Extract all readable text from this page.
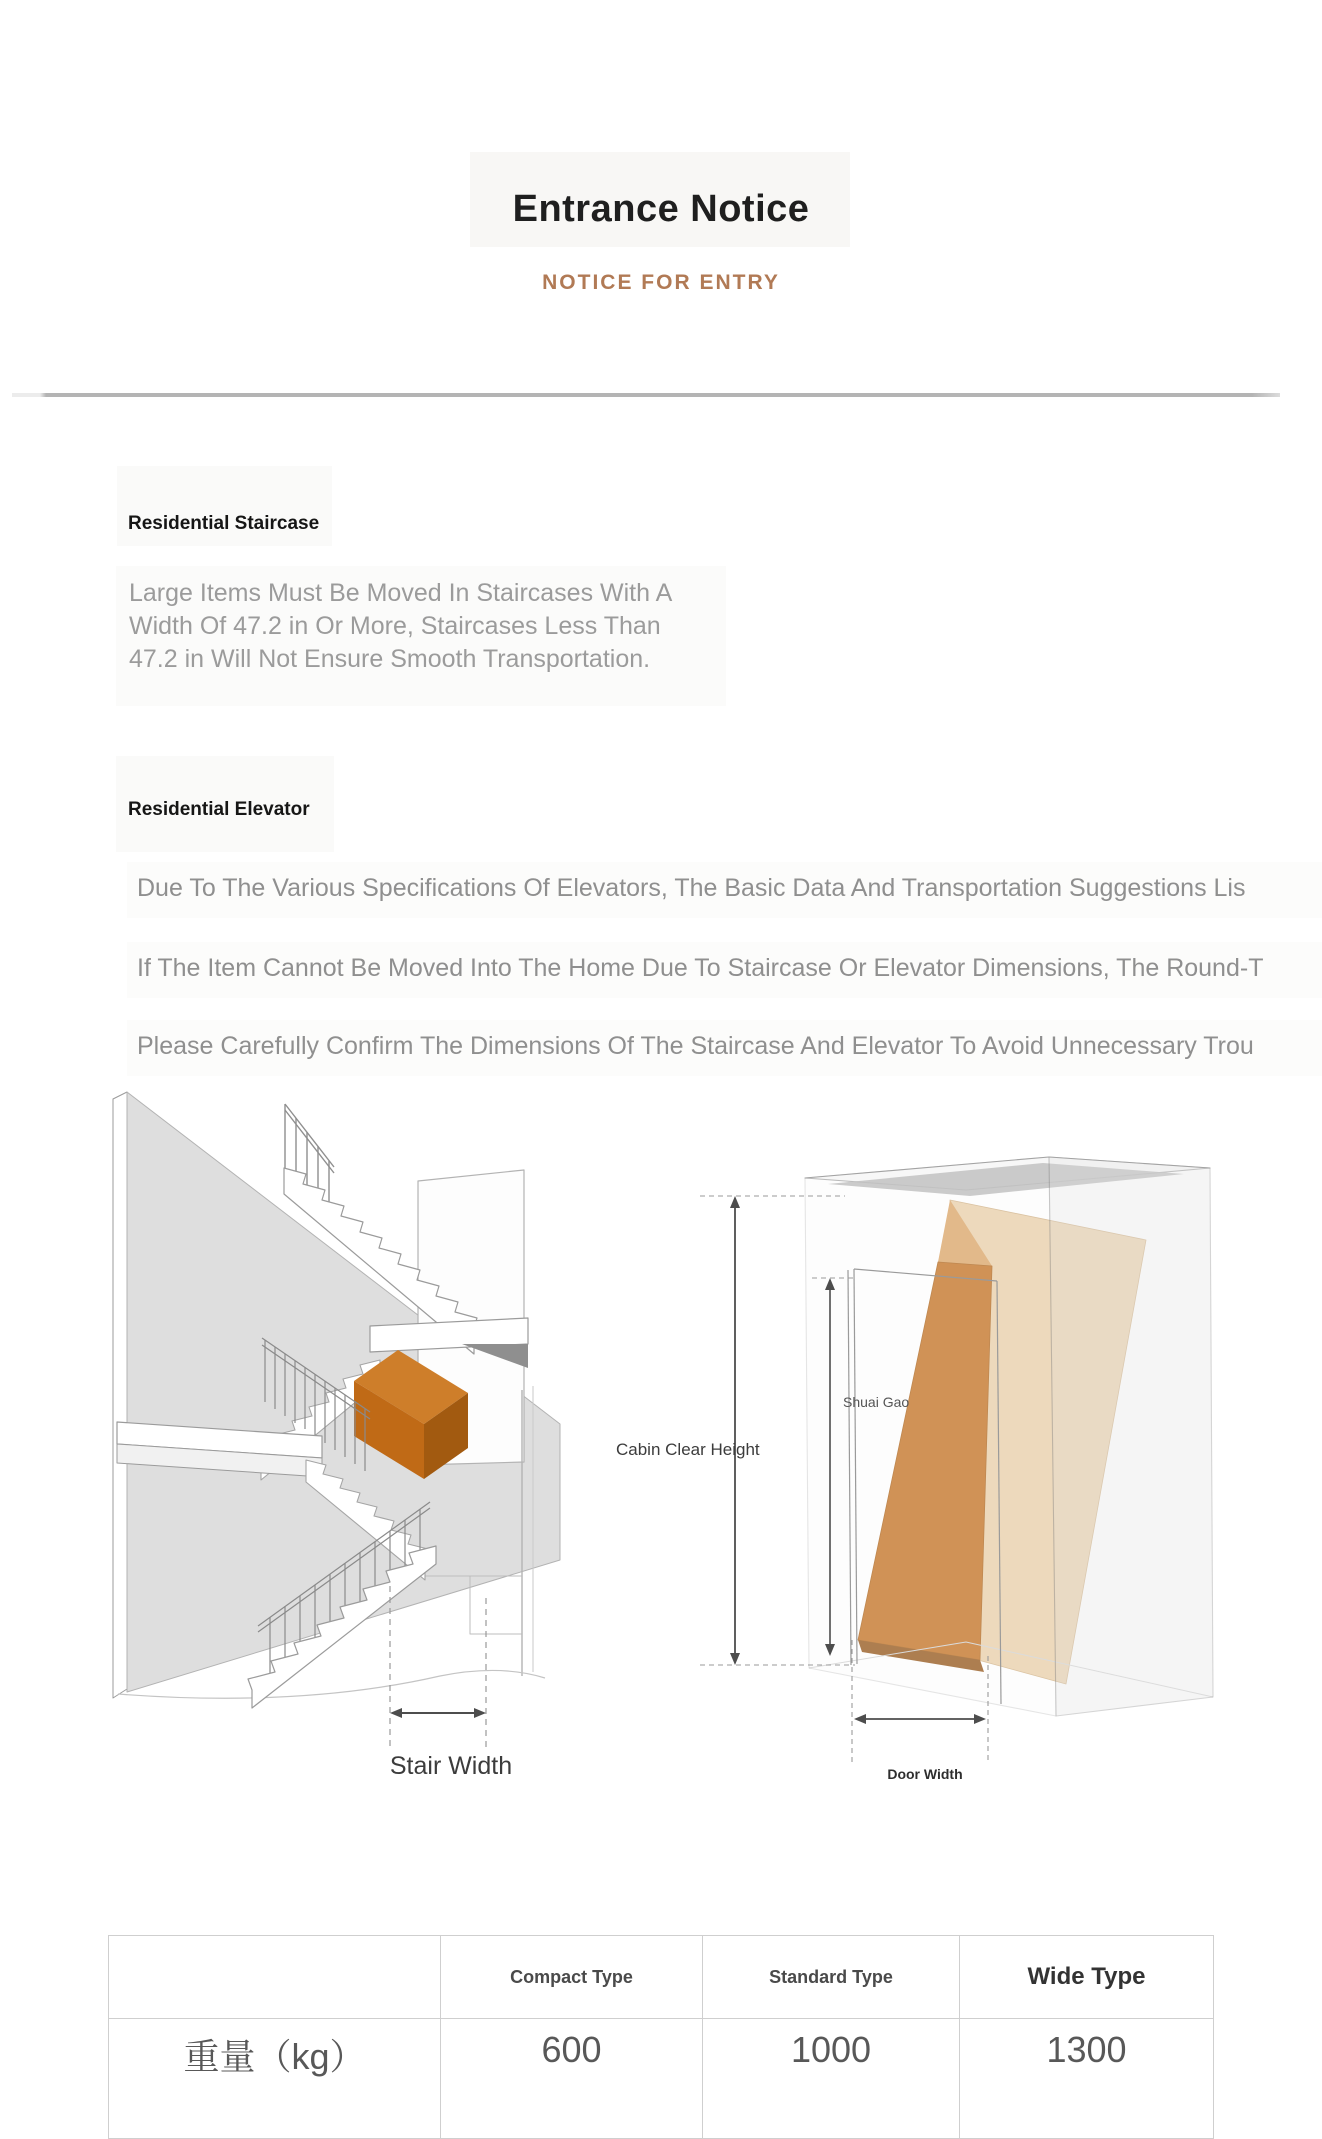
Entrance Notice
NOTICE FOR ENTRY
Residential Staircase
Large Items Must Be Moved In Staircases With A
Width Of 47.2 in Or More, Staircases Less Than
47.2 in Will Not Ensure Smooth Transportation.
Residential Elevator
Due To The Various Specifications Of Elevators, The Basic Data And Transportation Suggestions Lis
If The Item Cannot Be Moved Into The Home Due To Staircase Or Elevator Dimensions, The Round-T
Please Carefully Confirm The Dimensions Of The Staircase And Elevator To Avoid Unnecessary Trou
Stair Width
Cabin Clear Height
Shuai Gao
Door Width
	Compact Type	Standard Type	Wide Type
重量（kg）	600	1000	1300
